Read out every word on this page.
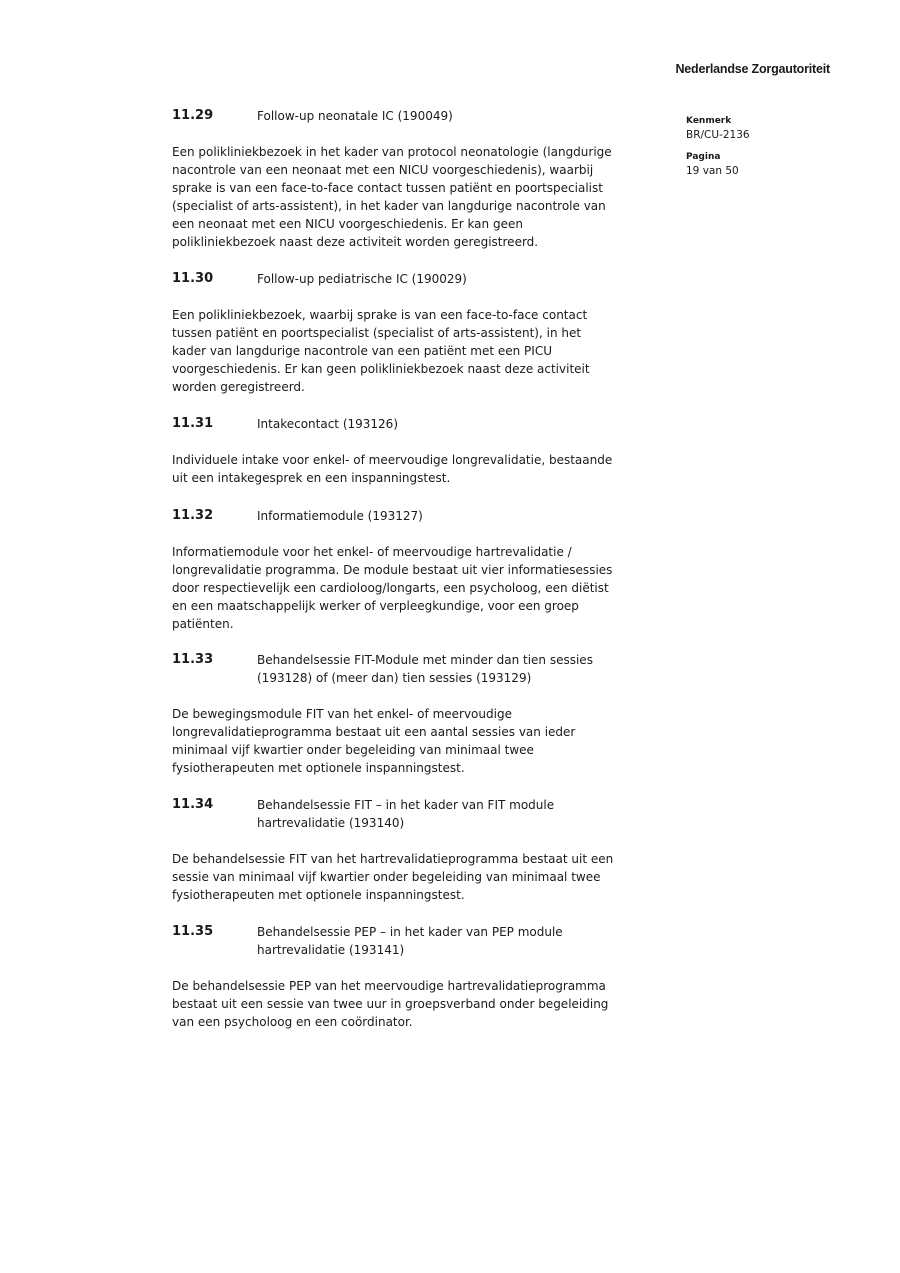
Nederlandse Zorgautoriteit
Kenmerk
BR/CU-2136
Pagina
19 van 50
11.29	Follow-up neonatale IC (190049)
Een polikliniekbezoek in het kader van protocol neonatologie (langdurige
nacontrole van een neonaat met een NICU voorgeschiedenis), waarbij
sprake is van een face-to-face contact tussen patiënt en poortspecialist
(specialist of arts-assistent), in het kader van langdurige nacontrole van
een neonaat met een NICU voorgeschiedenis. Er kan geen
polikliniekbezoek naast deze activiteit worden geregistreerd.
11.30	Follow-up pediatrische IC (190029)
Een polikliniekbezoek, waarbij sprake is van een face-to-face contact
tussen patiënt en poortspecialist (specialist of arts-assistent), in het
kader van langdurige nacontrole van een patiënt met een PICU
voorgeschiedenis. Er kan geen polikliniekbezoek naast deze activiteit
worden geregistreerd.
11.31	Intakecontact (193126)
Individuele intake voor enkel- of meervoudige longrevalidatie, bestaande
uit een intakegesprek en een inspanningstest.
11.32	Informatiemodule (193127)
Informatiemodule voor het enkel- of meervoudige hartrevalidatie /
longrevalidatie programma. De module bestaat uit vier informatiesessies
door respectievelijk een cardioloog/longarts, een psycholoog, een diëtist
en een maatschappelijk werker of verpleegkundige, voor een groep
patiënten.
11.33	Behandelsessie FIT-Module met minder dan tien sessies
(193128) of (meer dan) tien sessies (193129)
De bewegingsmodule FIT van het enkel- of meervoudige
longrevalidatieprogramma bestaat uit een aantal sessies van ieder
minimaal vijf kwartier onder begeleiding van minimaal twee
fysiotherapeuten met optionele inspanningstest.
11.34	Behandelsessie FIT – in het kader van FIT module
hartrevalidatie (193140)
De behandelsessie FIT van het hartrevalidatieprogramma bestaat uit een
sessie van minimaal vijf kwartier onder begeleiding van minimaal twee
fysiotherapeuten met optionele inspanningstest.
11.35	Behandelsessie PEP – in het kader van PEP module
hartrevalidatie (193141)
De behandelsessie PEP van het meervoudige hartrevalidatieprogramma
bestaat uit een sessie van twee uur in groepsverband onder begeleiding
van een psycholoog en een coördinator.
